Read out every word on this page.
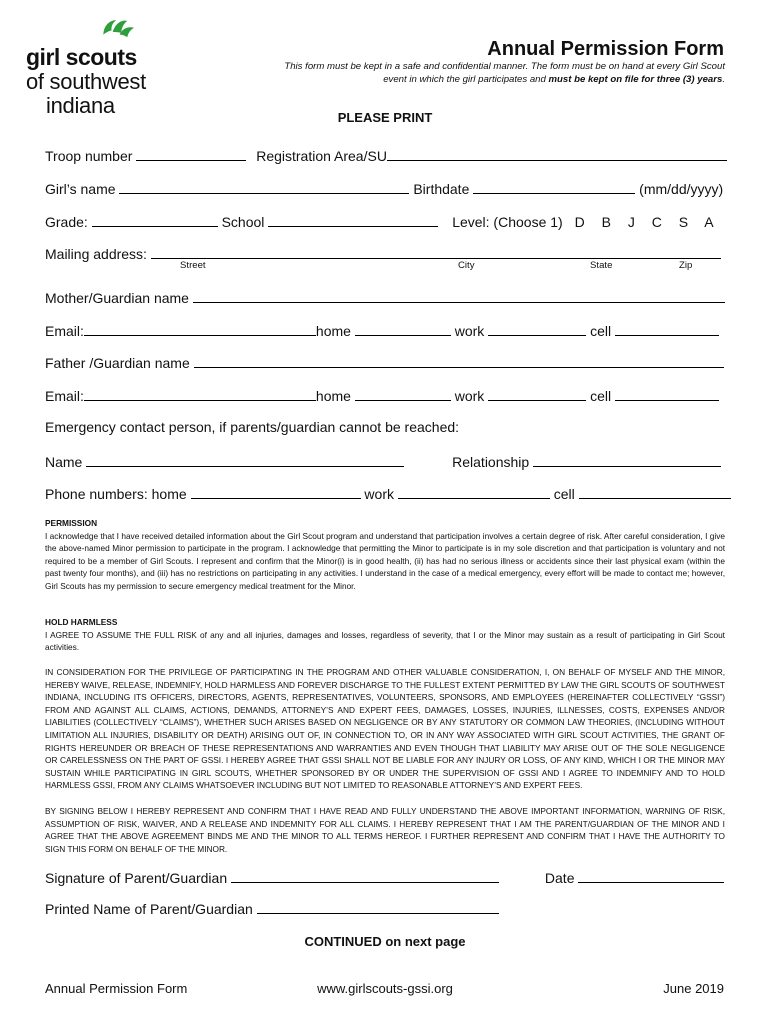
girl scouts
of southwest
indiana
Annual Permission Form
This form must be kept in a safe and confidential manner. The form must be on hand at every Girl Scout event in which the girl participates and must be kept on file for three (3) years.
PLEASE PRINT
Troop number	Registration Area/SU
Girl’s name	Birthdate	(mm/dd/yyyy)
Grade:	School	Level: (Choose 1) D B J C S A
Mailing address:
Street	City	State	Zip
Mother/Guardian name
Email:	home	work	cell
Father /Guardian name
Email:	home	work	cell
Emergency contact person, if parents/guardian cannot be reached:
Name	Relationship
Phone numbers: home	work	cell
PERMISSION
I acknowledge that I have received detailed information about the Girl Scout program and understand that participation involves a certain degree of risk. After careful consideration, I give the above-named Minor permission to participate in the program. I acknowledge that permitting the Minor to participate is in my sole discretion and that participation is voluntary and not required to be a member of Girl Scouts. I represent and confirm that the Minor(i) is in good health, (ii) has had no serious illness or accidents since their last physical exam (within the past twenty four months), and (iii) has no restrictions on participating in any activities. I understand in the case of a medical emergency, every effort will be made to contact me; however, Girl Scouts has my permission to secure emergency medical treatment for the Minor.
HOLD HARMLESS
I AGREE TO ASSUME THE FULL RISK of any and all injuries, damages and losses, regardless of severity, that I or the Minor may sustain as a result of participating in Girl Scout activities.
IN CONSIDERATION FOR THE PRIVILEGE OF PARTICIPATING IN THE PROGRAM AND OTHER VALUABLE CONSIDERATION, I, ON BEHALF OF MYSELF AND THE MINOR, HEREBY WAIVE, RELEASE, INDEMNIFY, HOLD HARMLESS AND FOREVER DISCHARGE TO THE FULLEST EXTENT PERMITTED BY LAW THE GIRL SCOUTS OF SOUTHWEST INDIANA, INCLUDING ITS OFFICERS, DIRECTORS, AGENTS, REPRESENTATIVES, VOLUNTEERS, SPONSORS, AND EMPLOYEES (HEREINAFTER COLLECTIVELY “GSSI”) FROM AND AGAINST ALL CLAIMS, ACTIONS, DEMANDS, ATTORNEY’S AND EXPERT FEES, DAMAGES, LOSSES, INJURIES, ILLNESSES, COSTS, EXPENSES AND/OR LIABILITIES (COLLECTIVELY “CLAIMS”), WHETHER SUCH ARISES BASED ON NEGLIGENCE OR BY ANY STATUTORY OR COMMON LAW THEORIES, (INCLUDING WITHOUT LIMITATION ALL INJURIES, DISABILITY OR DEATH) ARISING OUT OF, IN CONNECTION TO, OR IN ANY WAY ASSOCIATED WITH GIRL SCOUT ACTIVITIES, THE GRANT OF RIGHTS HEREUNDER OR BREACH OF THESE REPRESENTATIONS AND WARRANTIES AND EVEN THOUGH THAT LIABILITY MAY ARISE OUT OF THE SOLE NEGLIGENCE OR CARELESSNESS ON THE PART OF GSSI. I HEREBY AGREE THAT GSSI SHALL NOT BE LIABLE FOR ANY INJURY OR LOSS, OF ANY KIND, WHICH I OR THE MINOR MAY SUSTAIN WHILE PARTICIPATING IN GIRL SCOUTS, WHETHER SPONSORED BY OR UNDER THE SUPERVISION OF GSSI AND I AGREE TO INDEMNIFY AND TO HOLD HARMLESS GSSI, FROM ANY CLAIMS WHATSOEVER INCLUDING BUT NOT LIMITED TO REASONABLE ATTORNEY’S AND EXPERT FEES.
BY SIGNING BELOW I HEREBY REPRESENT AND CONFIRM THAT I HAVE READ AND FULLY UNDERSTAND THE ABOVE IMPORTANT INFORMATION, WARNING OF RISK, ASSUMPTION OF RISK, WAIVER, AND A RELEASE AND INDEMNITY FOR ALL CLAIMS. I HEREBY REPRESENT THAT I AM THE PARENT/GUARDIAN OF THE MINOR AND I AGREE THAT THE ABOVE AGREEMENT BINDS ME AND THE MINOR TO ALL TERMS HEREOF. I FURTHER REPRESENT AND CONFIRM THAT I HAVE THE AUTHORITY TO SIGN THIS FORM ON BEHALF OF THE MINOR.
Signature of Parent/Guardian	Date
Printed Name of Parent/Guardian
CONTINUED on next page
Annual Permission Form	www.girlscouts-gssi.org	June 2019
